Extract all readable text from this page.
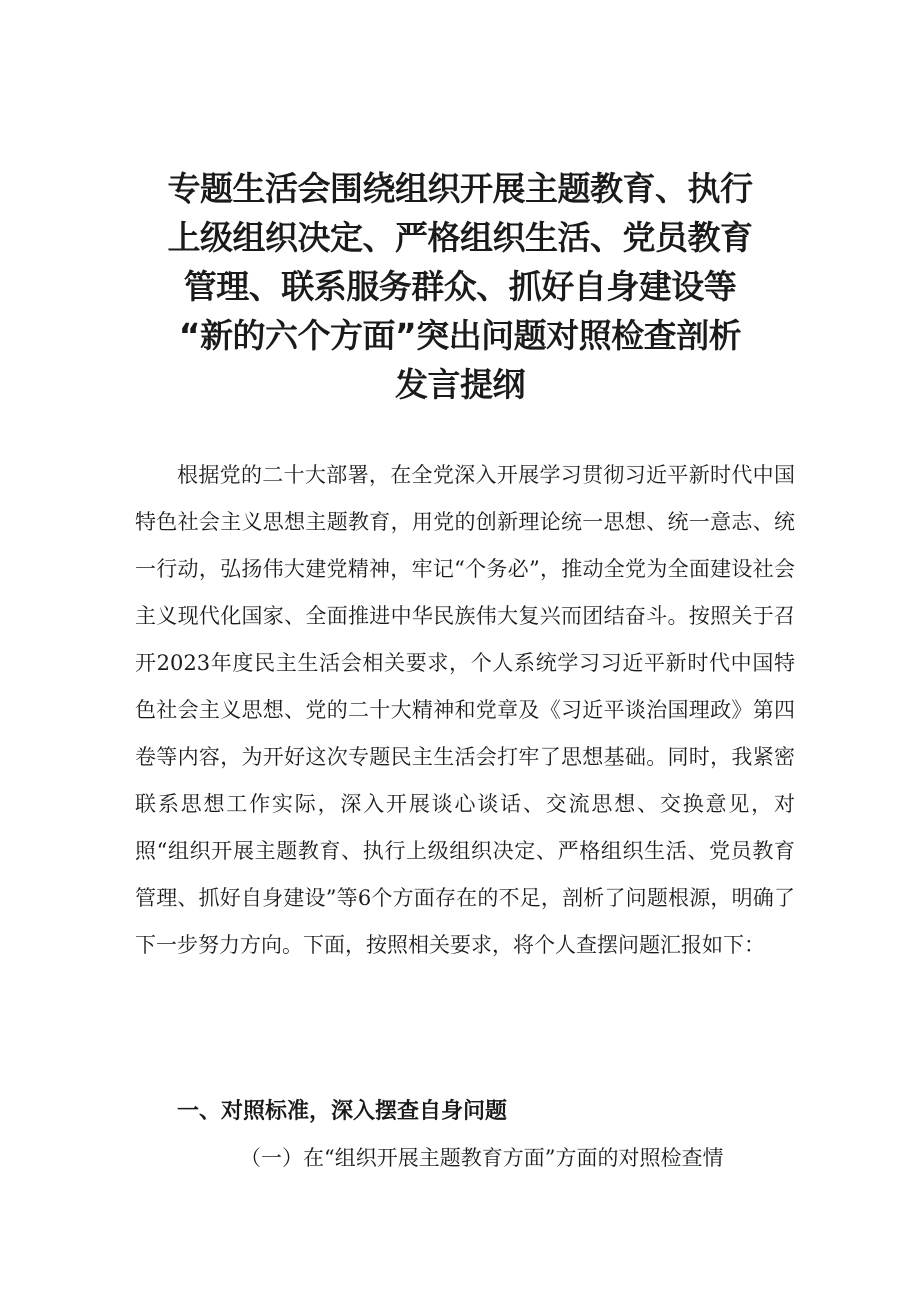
专题生活会围绕组织开展主题教育、执行
上级组织决定、严格组织生活、党员教育
管理、联系服务群众、抓好自身建设等
“新的六个方面”突出问题对照检查剖析
发言提纲

根据党的二十大部署，在全党深入开展学习贯彻习近平新时代中国特色社会主义思想主题教育，用党的创新理论统一思想、统一意志、统一行动，弘扬伟大建党精神，牢记“个务必”，推动全党为全面建设社会主义现代化国家、全面推进中华民族伟大复兴而团结奋斗。按照关于召开2023年度民主生活会相关要求，个人系统学习习近平新时代中国特色社会主义思想、党的二十大精神和党章及《习近平谈治国理政》第四卷等内容，为开好这次专题民主生活会打牢了思想基础。同时，我紧密联系思想工作实际，深入开展谈心谈话、交流思想、交换意见，对照“组织开展主题教育、执行上级组织决定、严格组织生活、党员教育管理、抓好自身建设”等6个方面存在的不足，剖析了问题根源，明确了下一步努力方向。下面，按照相关要求，将个人查摆问题汇报如下：

一、对照标准，深入摆查自身问题

（一）在“组织开展主题教育方面”方面的对照检查情
